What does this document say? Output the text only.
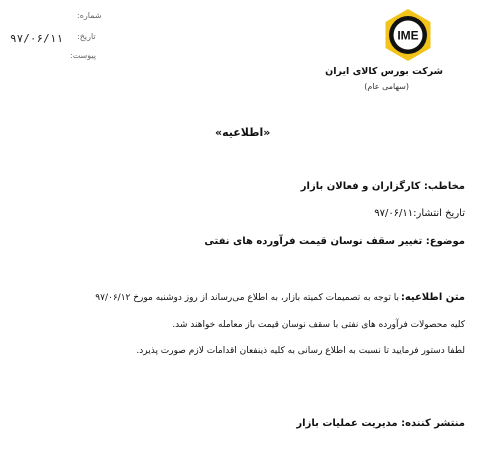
IME
شرکت بورس کالای ایران
(سهامی عام)
شماره:
تاریخ:
پیوست:
۹۷/۰۶/۱۱
«اطلاعیه»
مخاطب: کارگزاران و فعالان بازار
تاریخ انتشار:۹۷/۰۶/۱۱
موضوع: تغییر سقف نوسان قیمت فرآورده های نفتی
متن اطلاعیه:
با توجه به تصمیمات کمیته بازار، به اطلاع می‌رساند از روز دوشنبه مورخ ۹۷/۰۶/۱۲
کلیه محصولات فرآورده های نفتی با سقف نوسان قیمت باز معامله خواهند شد.
لطفا دستور فرمایید تا نسبت به اطلاع رسانی به کلیه ذینفعان اقدامات لازم صورت پذیرد.
منتشر کننده: مدیریت عملیات بازار
